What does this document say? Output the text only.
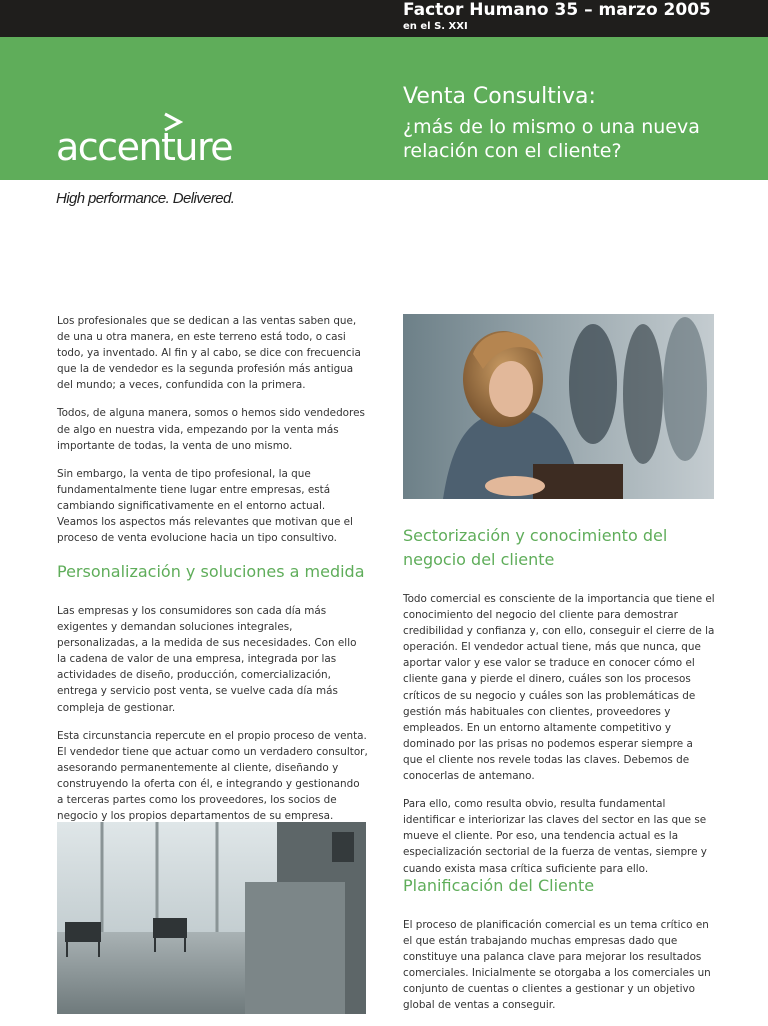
Factor Humano 35 – marzo 2005
en el S. XXI
accenture
Venta Consultiva:
¿más de lo mismo o una nueva
relación con el cliente?
High performance. Delivered.

Los profesionales que se dedican a las ventas saben que, de una u otra manera, en este terreno está todo, o casi todo, ya inventado. Al fin y al cabo, se dice con frecuencia que la de vendedor es la segunda profesión más antigua del mundo; a veces, confundida con la primera.

Todos, de alguna manera, somos o hemos sido vendedores de algo en nuestra vida, empezando por la venta más importante de todas, la venta de uno mismo.

Sin embargo, la venta de tipo profesional, la que fundamentalmente tiene lugar entre empresas, está cambiando significativamente en el entorno actual. Veamos los aspectos más relevantes que motivan que el proceso de venta evolucione hacia un tipo consultivo.

Personalización y soluciones a medida

Las empresas y los consumidores son cada día más exigentes y demandan soluciones integrales, personalizadas, a la medida de sus necesidades. Con ello la cadena de valor de una empresa, integrada por las actividades de diseño, producción, comercialización, entrega y servicio post venta, se vuelve cada día más compleja de gestionar.

Esta circunstancia repercute en el propio proceso de venta. El vendedor tiene que actuar como un verdadero consultor, asesorando permanentemente al cliente, diseñando y construyendo la oferta con él, e integrando y gestionando a terceras partes como los proveedores, los socios de negocio y los propios departamentos de su empresa.

Sectorización y conocimiento del negocio del cliente

Todo comercial es consciente de la importancia que tiene el conocimiento del negocio del cliente para demostrar credibilidad y confianza y, con ello, conseguir el cierre de la operación. El vendedor actual tiene, más que nunca, que aportar valor y ese valor se traduce en conocer cómo el cliente gana y pierde el dinero, cuáles son los procesos críticos de su negocio y cuáles son las problemáticas de gestión más habituales con clientes, proveedores y empleados. En un entorno altamente competitivo y dominado por las prisas no podemos esperar siempre a que el cliente nos revele todas las claves. Debemos de conocerlas de antemano.

Para ello, como resulta obvio, resulta fundamental identificar e interiorizar las claves del sector en las que se mueve el cliente. Por eso, una tendencia actual es la especialización sectorial de la fuerza de ventas, siempre y cuando exista masa crítica suficiente para ello.

Planificación del Cliente

El proceso de planificación comercial es un tema crítico en el que están trabajando muchas empresas dado que constituye una palanca clave para mejorar los resultados comerciales. Inicialmente se otorgaba a los comerciales un conjunto de cuentas o clientes a gestionar y un objetivo global de ventas a conseguir.
